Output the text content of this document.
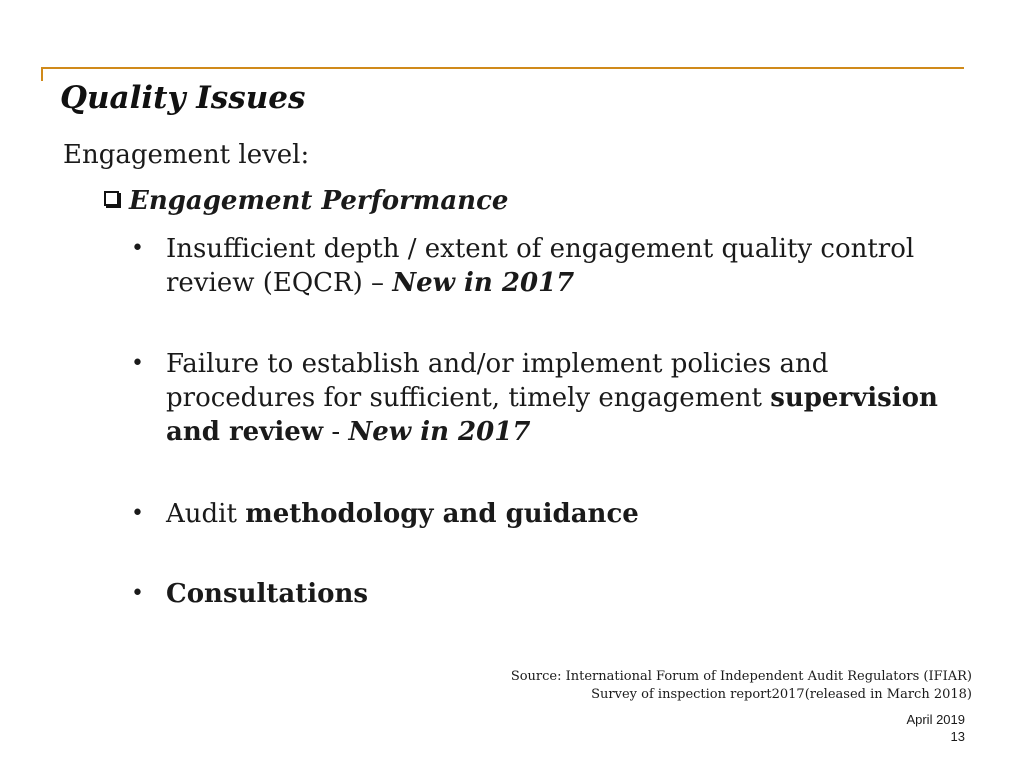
Quality Issues
Engagement level:
Engagement Performance
• Insufficient depth / extent of engagement quality control review (EQCR) – New in 2017
• Failure to establish and/or implement policies and procedures for sufficient, timely engagement supervision and review - New in 2017
• Audit methodology and guidance
• Consultations
Source: International Forum of Independent Audit Regulators (IFIAR)
Survey of inspection report2017(released in March 2018)
April 2019
13
